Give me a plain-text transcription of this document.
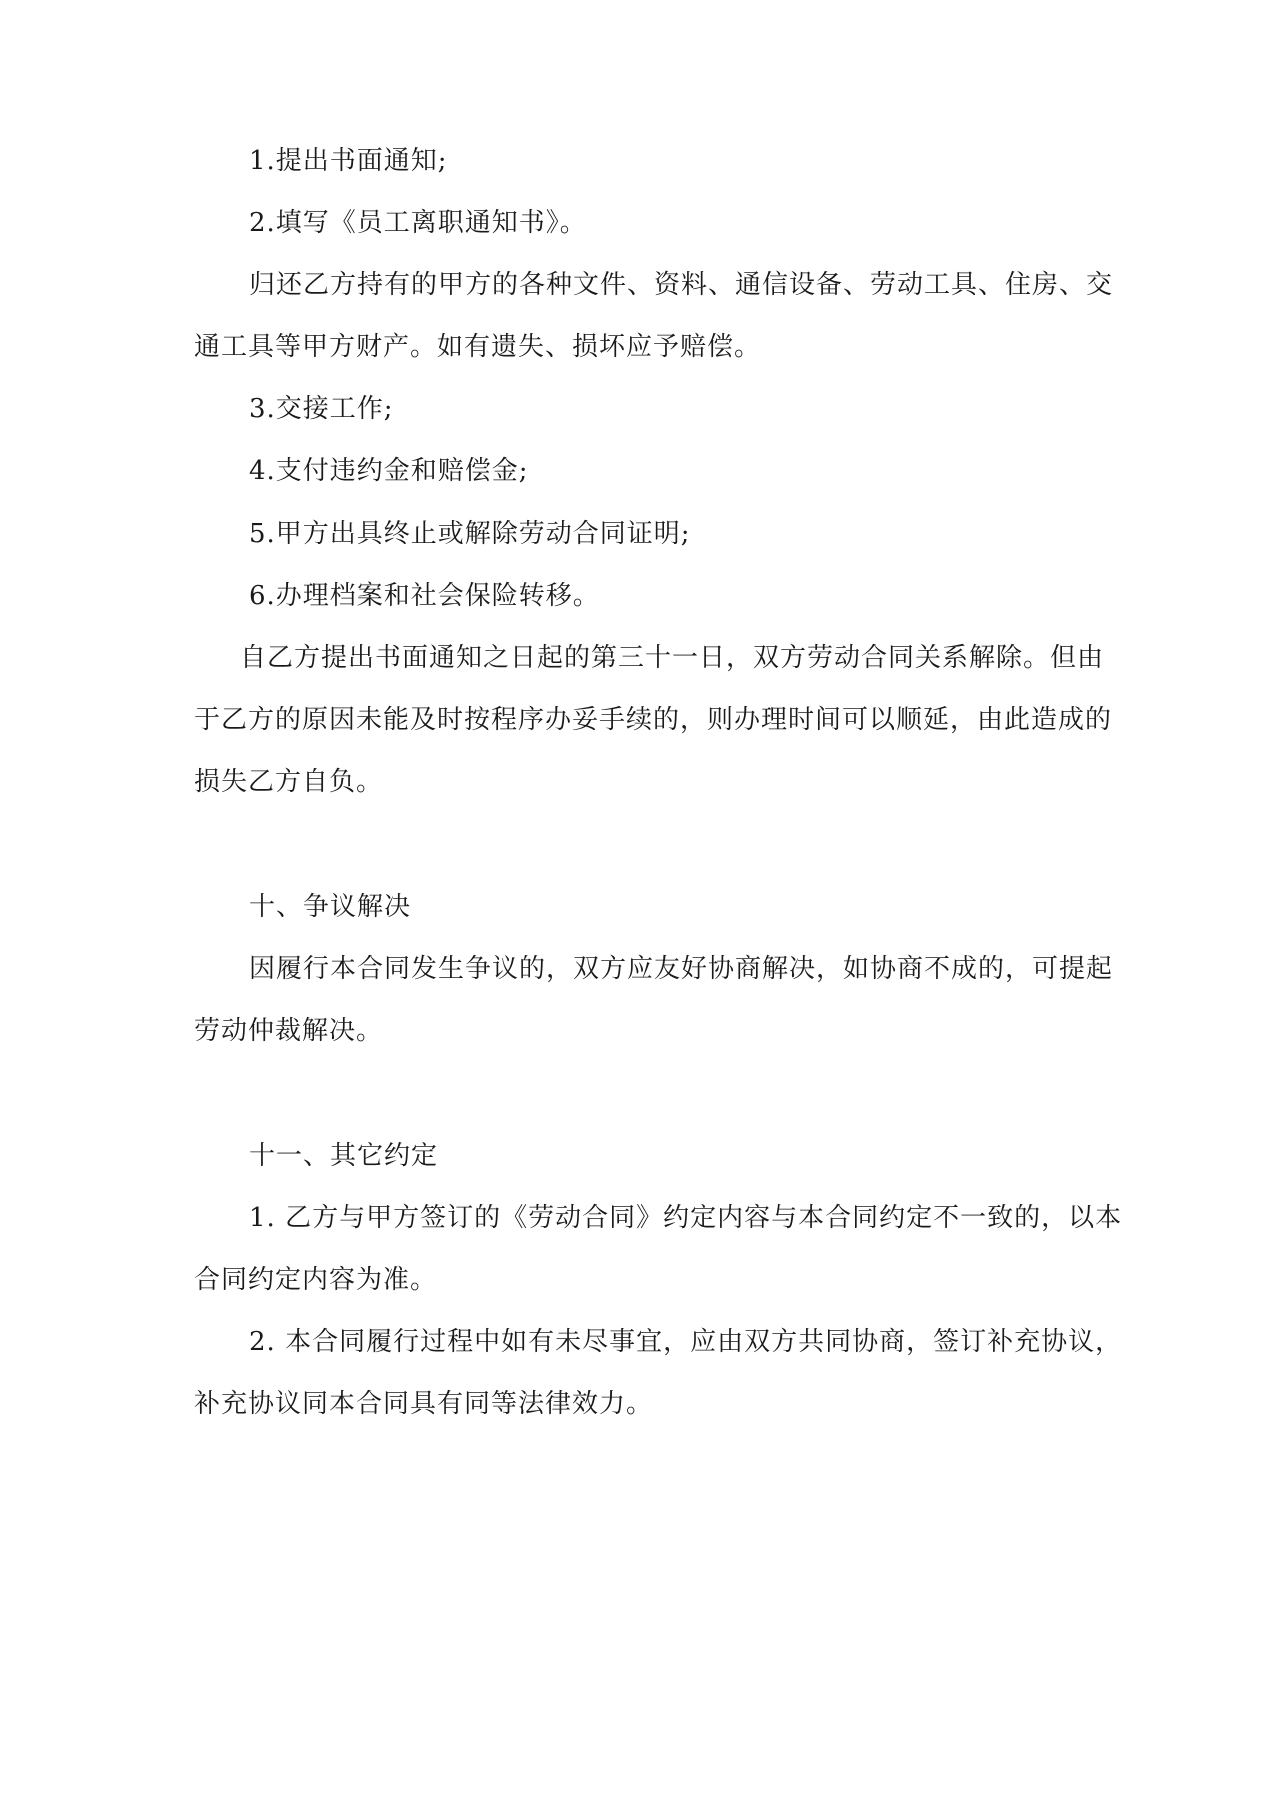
1.提出书面通知;

2.填写《员工离职通知书》。

归还乙方持有的甲方的各种文件、资料、通信设备、劳动工具、住房、交

通工具等甲方财产。如有遗失、损坏应予赔偿。

3.交接工作;

4.支付违约金和赔偿金;

5.甲方出具终止或解除劳动合同证明;

6.办理档案和社会保险转移。

自乙方提出书面通知之日起的第三十一日，双方劳动合同关系解除。但由

于乙方的原因未能及时按程序办妥手续的，则办理时间可以顺延，由此造成的

损失乙方自负。

十、争议解决

因履行本合同发生争议的，双方应友好协商解决，如协商不成的，可提起

劳动仲裁解决。

十一、其它约定

1. 乙方与甲方签订的《劳动合同》约定内容与本合同约定不一致的，以本

合同约定内容为准。

2. 本合同履行过程中如有未尽事宜，应由双方共同协商，签订补充协议，

补充协议同本合同具有同等法律效力。
